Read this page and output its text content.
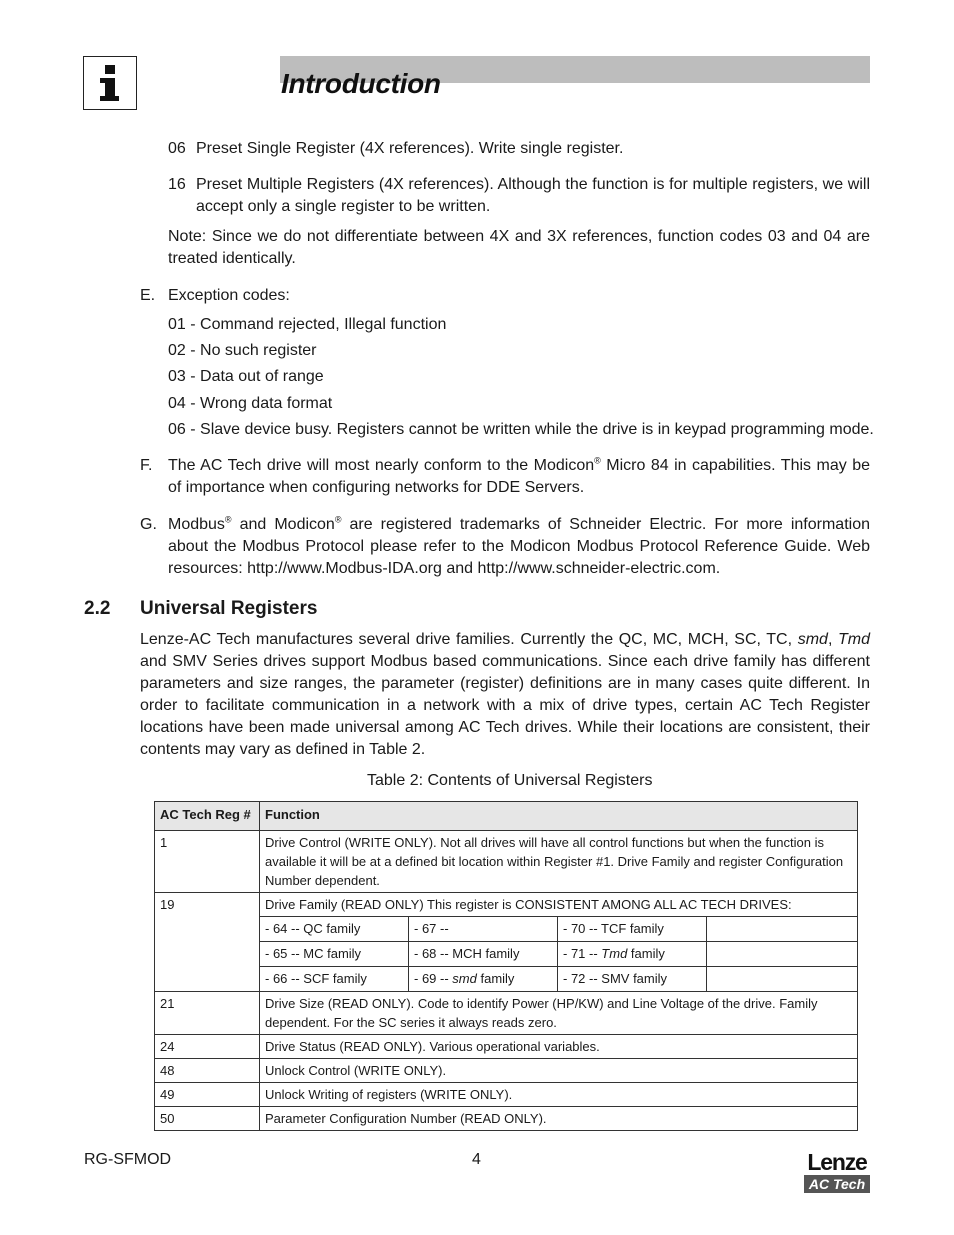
Introduction
06 Preset Single Register (4X references). Write single register.
16 Preset Multiple Registers (4X references). Although the function is for multiple registers, we will accept only a single register to be written.
Note: Since we do not differentiate between 4X and 3X references, function codes 03 and 04 are treated identically.
E. Exception codes:
01 - Command rejected, Illegal function
02 - No such register
03 - Data out of range
04 - Wrong data format
06 - Slave device busy. Registers cannot be written while the drive is in keypad programming mode.
F. The AC Tech drive will most nearly conform to the Modicon® Micro 84 in capabilities. This may be of importance when configuring networks for DDE Servers.
G. Modbus® and Modicon® are registered trademarks of Schneider Electric. For more information about the Modbus Protocol please refer to the Modicon Modbus Protocol Reference Guide. Web resources: http://www.Modbus-IDA.org and http://www.schneider-electric.com.
2.2 Universal Registers
Lenze-AC Tech manufactures several drive families. Currently the QC, MC, MCH, SC, TC, smd, Tmd and SMV Series drives support Modbus based communications. Since each drive family has different parameters and size ranges, the parameter (register) definitions are in many cases quite different. In order to facilitate communication in a network with a mix of drive types, certain AC Tech Register locations have been made universal among AC Tech drives. While their locations are consistent, their contents may vary as defined in Table 2.
Table 2: Contents of Universal Registers
AC Tech Reg #	Function			
1	Drive Control (WRITE ONLY). Not all drives will have all control functions but when the function is available it will be at a defined bit location within Register #1. Drive Family and register Configuration Number dependent.			
19	Drive Family (READ ONLY) This register is CONSISTENT AMONG ALL AC TECH DRIVES:			
	- 64 -- QC family	- 67 --	- 70 -- TCF family	
	- 65 -- MC family	- 68 -- MCH family	- 71 -- Tmd family	
	- 66 -- SCF family	- 69 -- smd family	- 72 -- SMV family	
21	Drive Size (READ ONLY). Code to identify Power (HP/KW) and Line Voltage of the drive. Family dependent. For the SC series it always reads zero.			
24	Drive Status (READ ONLY). Various operational variables.			
48	Unlock Control (WRITE ONLY).			
49	Unlock Writing of registers (WRITE ONLY).			
50	Parameter Configuration Number (READ ONLY).			
RG-SFMOD	4	Lenze
AC Tech
